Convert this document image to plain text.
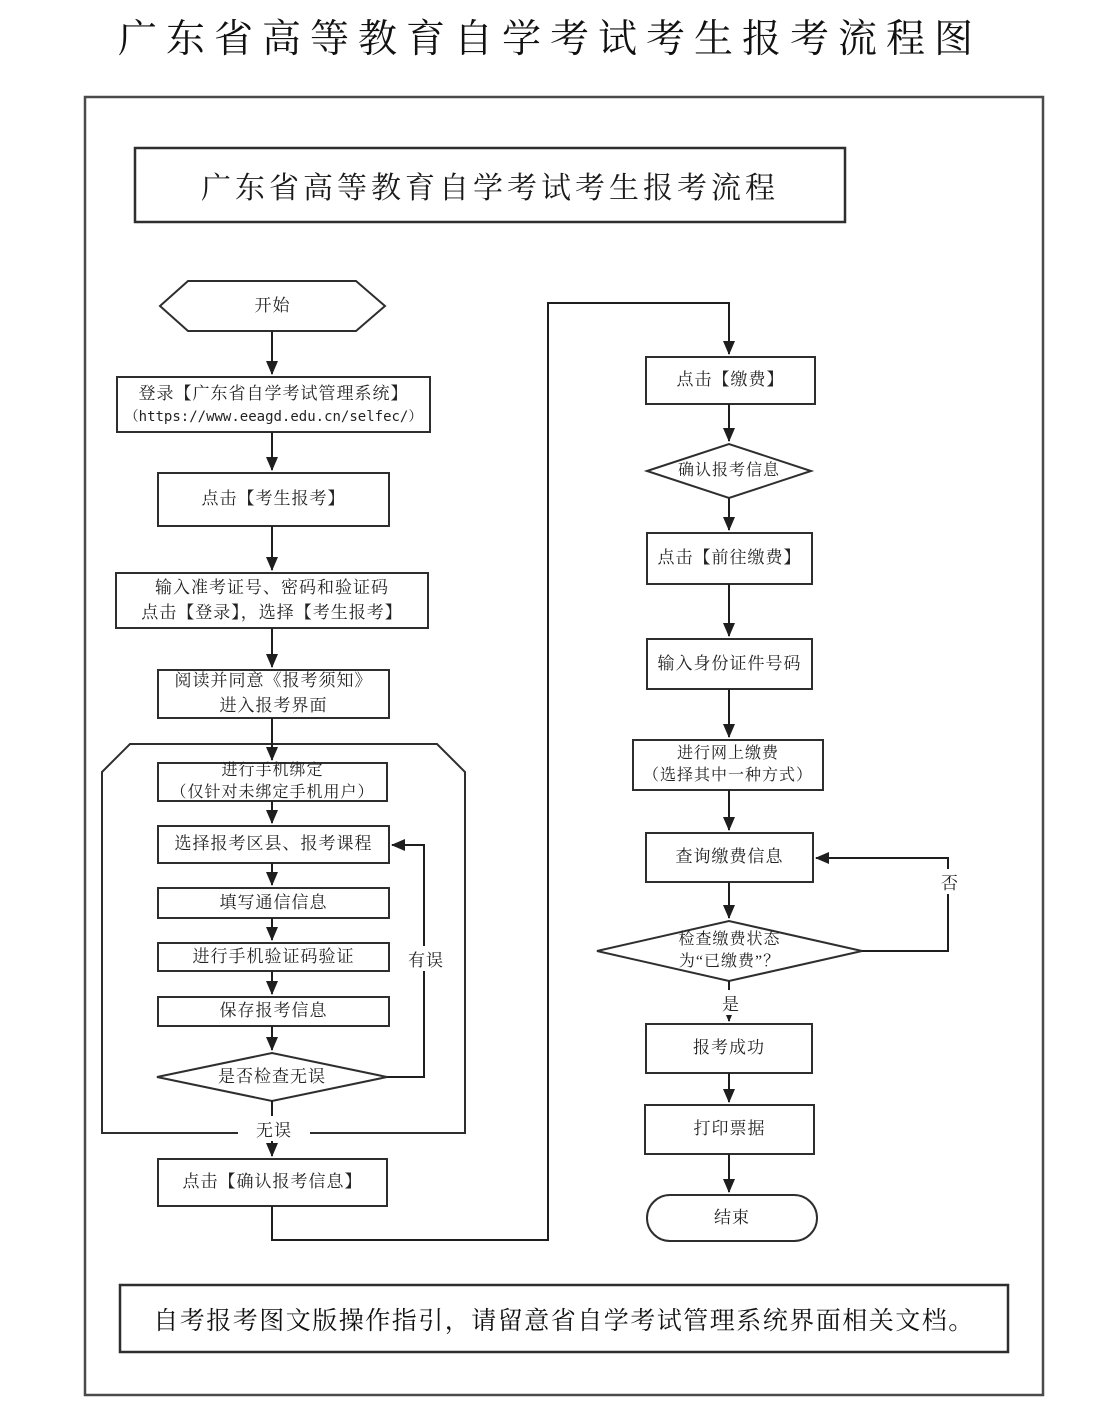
广东省高等教育自学考试考生报考流程图
广东省高等教育自学考试考生报考流程
开始
登录【广东省自学考试管理系统】
（https://www.eeagd.edu.cn/selfec/）
点击【考生报考】
输入准考证号、密码和验证码
点击【登录】，选择【考生报考】
阅读并同意《报考须知》
进入报考界面
进行手机绑定
（仅针对未绑定手机用户）
选择报考区县、报考课程
填写通信信息
进行手机验证码验证
保存报考信息
是否检查无误
点击【确认报考信息】
点击【缴费】
确认报考信息
点击【前往缴费】
输入身份证件号码
进行网上缴费
（选择其中一种方式）
查询缴费信息
检查缴费状态
为“已缴费”？
报考成功
打印票据
结束
有误
无误
是
否
自考报考图文版操作指引，请留意省自学考试管理系统界面相关文档。
